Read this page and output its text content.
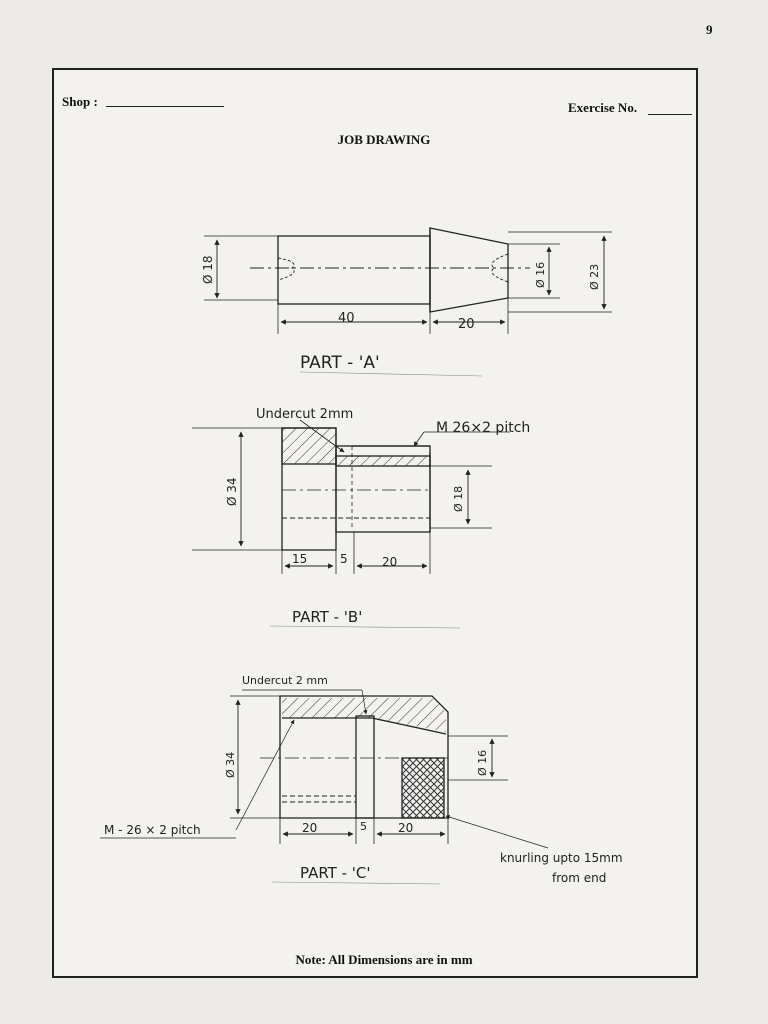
9
Shop :	Exercise No.
JOB DRAWING
Ø 18	Ø 16	Ø 23
40	20
PART - 'A'
Undercut 2mm
M 26×2 pitch
Ø 34	Ø 18
15	5	20
PART - 'B'
Undercut 2 mm
M - 26 × 2 pitch
Ø 34	Ø 16
20	5	20
PART - 'C'
knurling upto 15mm
from end
Note: All Dimensions are in mm
